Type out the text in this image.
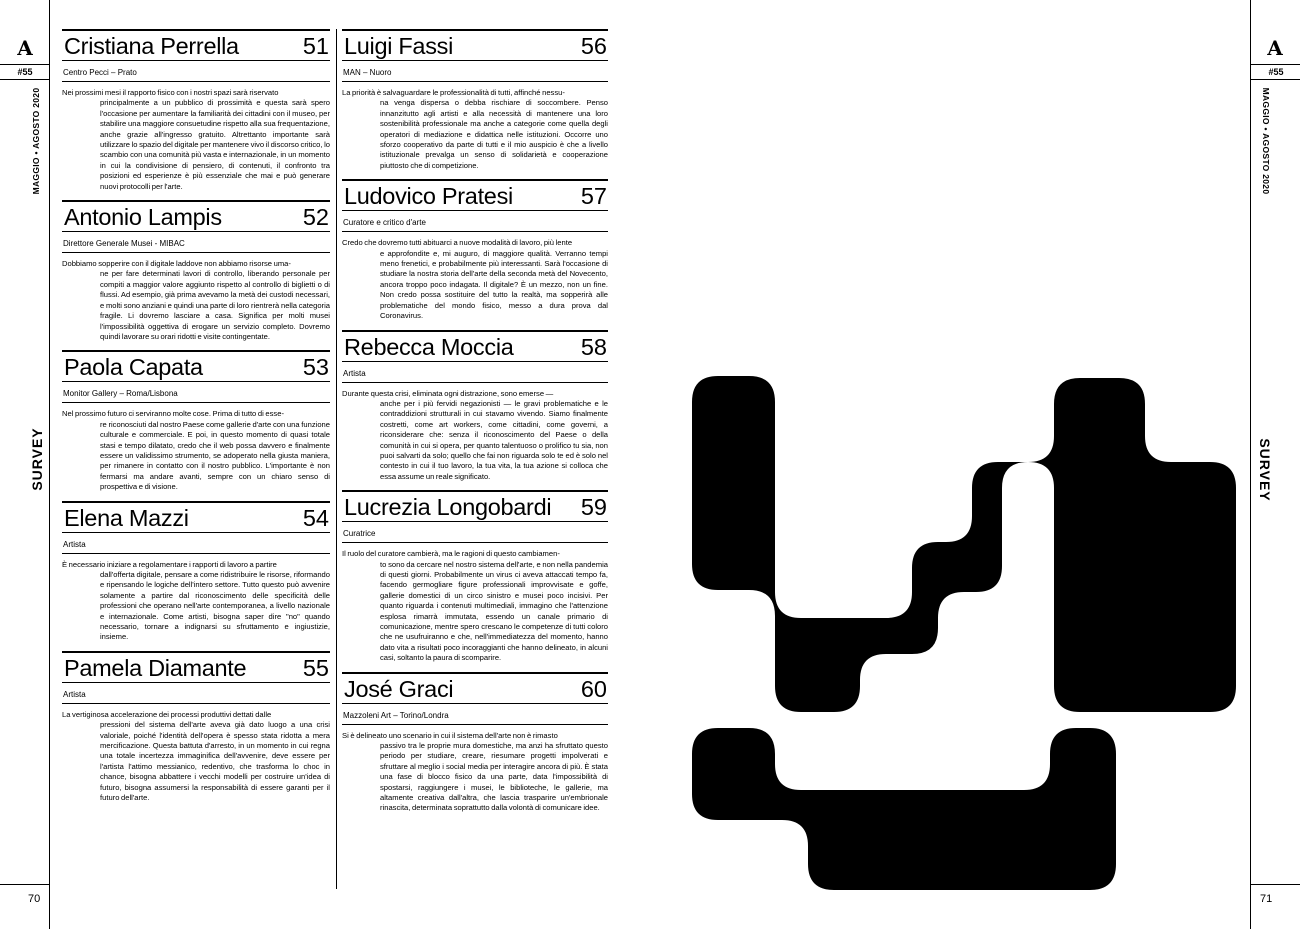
A
#55
MAGGIO • AGOSTO 2020
SURVEY
70
Cristiana Perrella	51
Centro Pecci – Prato
Nei prossimi mesi il rapporto fisico con i nostri spazi sarà riservato
principalmente a un pubblico di prossimità e questa sarà spero l'occasione per aumentare la familiarità dei cittadini con il museo, per stabilire una maggiore consuetudine rispetto alla sua frequentazione, anche grazie all'ingresso gratuito. Altrettanto importante sarà utilizzare lo spazio del digitale per mantenere vivo il discorso critico, lo scambio con una comunità più vasta e internazionale, in un momento in cui la condivisione di pensiero, di contenuti, il confronto tra posizioni ed esperienze è più essenziale che mai e può generare nuovi protocolli per l'arte.
Antonio Lampis	52
Direttore Generale Musei - MIBAC
Dobbiamo sopperire con il digitale laddove non abbiamo risorse uma-
ne per fare determinati lavori di controllo, liberando personale per compiti a maggior valore aggiunto rispetto al controllo di biglietti o di flussi. Ad esempio, già prima avevamo la metà dei custodi necessari, e molti sono anziani e quindi una parte di loro rientrerà nella categoria fragile. Li dovremo lasciare a casa. Significa per molti musei l'impossibilità oggettiva di erogare un servizio completo. Dovremo quindi lavorare su orari ridotti e visite contingentate.
Paola Capata	53
Monitor Gallery – Roma/Lisbona
Nel prossimo futuro ci serviranno molte cose. Prima di tutto di esse-
re riconosciuti dal nostro Paese come gallerie d'arte con una funzione culturale e commerciale. E poi, in questo momento di quasi totale stasi e tempo dilatato, credo che il web possa davvero e finalmente essere un validissimo strumento, se adoperato nella giusta maniera, per rimanere in contatto con il nostro pubblico. L'importante è non fermarsi ma andare avanti, sempre con un chiaro senso di prospettiva e di visione.
Elena Mazzi	54
Artista
È necessario iniziare a regolamentare i rapporti di lavoro a partire
dall'offerta digitale, pensare a come ridistribuire le risorse, riformando e ripensando le logiche dell'intero settore. Tutto questo può avvenire solamente a partire dal riconoscimento delle specificità delle professioni che operano nell'arte contemporanea, a livello nazionale e internazionale. Come artisti, bisogna saper dire "no" quando necessario, tornare a indignarsi su sfruttamento e ingiustizie, insieme.
Pamela Diamante 55
Artista
La vertiginosa accelerazione dei processi produttivi dettati dalle
pressioni del sistema dell'arte aveva già dato luogo a una crisi valoriale, poiché l'identità dell'opera è spesso stata ridotta a mera mercificazione. Questa battuta d'arresto, in un momento in cui regna una totale incertezza immaginifica dell'avvenire, deve essere per l'artista l'attimo messianico, redentivo, che trasforma lo choc in chance, bisogna abbattere i vecchi modelli per costruire un'idea di futuro, bisogna assumersi la responsabilità di essere garanti per il futuro dell'arte.
Luigi Fassi	56
MAN – Nuoro
La priorità è salvaguardare le professionalità di tutti, affinché nessu-
na venga dispersa o debba rischiare di soccombere. Penso innanzitutto agli artisti e alla necessità di mantenere una loro sostenibilità professionale ma anche a categorie come quella degli operatori di mediazione e didattica nelle istituzioni. Occorre uno sforzo cooperativo da parte di tutti e il mio auspicio è che a livello istituzionale prevalga un senso di solidarietà e cooperazione piuttosto che di competizione.
Ludovico Pratesi	57
Curatore e critico d'arte
Credo che dovremo tutti abituarci a nuove modalità di lavoro, più lente
e approfondite e, mi auguro, di maggiore qualità. Verranno tempi meno frenetici, e probabilmente più interessanti. Sarà l'occasione di studiare la nostra storia dell'arte della seconda metà del Novecento, ancora troppo poco indagata. Il digitale? È un mezzo, non un fine. Non credo possa sostituire del tutto la realtà, ma sopperirà alle problematiche del mondo fisico, messo a dura prova dal Coronavirus.
Rebecca Moccia	58
Artista
Durante questa crisi, eliminata ogni distrazione, sono emerse —
anche per i più fervidi negazionisti — le gravi problematiche e le contraddizioni strutturali in cui stavamo vivendo. Siamo finalmente costretti, come art workers, come cittadini, come governi, a riconsiderare che: senza il riconoscimento del Paese o della comunità in cui si opera, per quanto talentuoso o prolifico tu sia, non puoi salvarti da solo; quello che fai non riguarda solo te ed è solo nel contesto in cui il tuo lavoro, la tua vita, la tua azione si colloca che essa assume un reale significato.
Lucrezia Longobardi 59
Curatrice
Il ruolo del curatore cambierà, ma le ragioni di questo cambiamen-
to sono da cercare nel nostro sistema dell'arte, e non nella pandemia di questi giorni. Probabilmente un virus ci aveva attaccati tempo fa, facendo germogliare figure professionali improvvisate e goffe, gallerie domestici di un circo sinistro e musei poco incisivi. Per quanto riguarda i contenuti multimediali, immagino che l'attenzione esplosa rimarrà immutata, essendo un canale primario di comunicazione, mentre spero crescano le competenze di tutti coloro che ne usufruiranno e che, nell'immediatezza del momento, hanno dato vita a risultati poco incoraggianti che hanno delineato, in alcuni casi, soltanto la paura di scomparire.
José Graci	60
Mazzoleni Art – Torino/Londra
Si è delineato uno scenario in cui il sistema dell'arte non è rimasto
passivo tra le proprie mura domestiche, ma anzi ha sfruttato questo periodo per studiare, creare, riesumare progetti impolverati e sfruttare al meglio i social media per interagire ancora di più. È stata una fase di blocco fisico da una parte, data l'impossibilità di spostarsi, raggiungere i musei, le biblioteche, le gallerie, ma altamente creativa dall'altra, che lascia trasparire un'embrionale rinascita, determinata soprattutto dalla volontà di comunicare idee.
A
#55
MAGGIO • AGOSTO 2020
SURVEY
71
